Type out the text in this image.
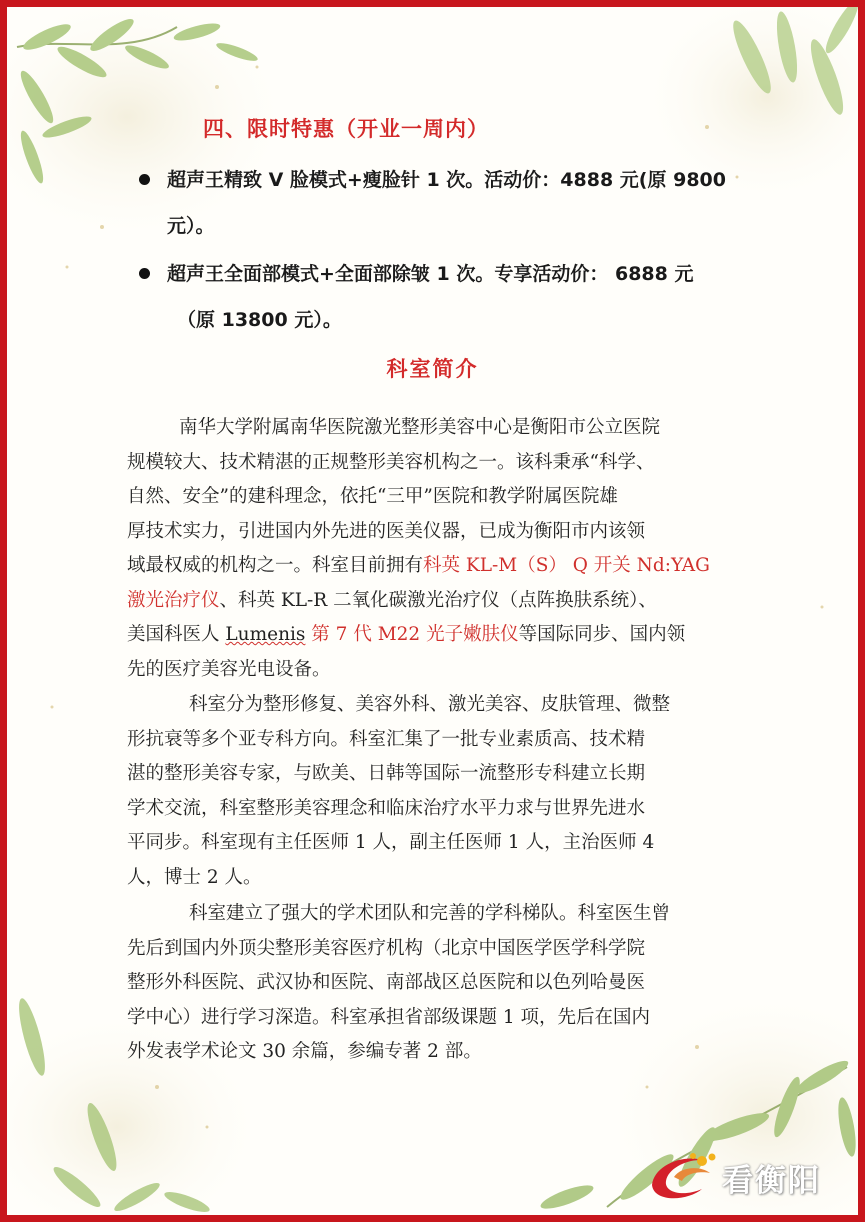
四、限时特惠（开业一周内）
超声王精致 V 脸模式+瘦脸针 1 次。活动价：4888 元(原 9800
元）。
超声王全面部模式+全面部除皱 1 次。专享活动价： 6888 元
（原 13800 元）。
科室简介

南华大学附属南华医院激光整形美容中心是衡阳市公立医院
规模较大、技术精湛的正规整形美容机构之一。该科秉承“科学、
自然、安全”的建科理念，依托“三甲”医院和教学附属医院雄
厚技术实力，引进国内外先进的医美仪器，已成为衡阳市内该领
域最权威的机构之一。科室目前拥有科英 KL-M（S） Q 开关 Nd:YAG
激光治疗仪、科英 KL-R 二氧化碳激光治疗仪（点阵换肤系统）、
美国科医人 Lumenis 第 7 代 M22 光子嫩肤仪等国际同步、国内领
先的医疗美容光电设备。

科室分为整形修复、美容外科、激光美容、皮肤管理、微整
形抗衰等多个亚专科方向。科室汇集了一批专业素质高、技术精
湛的整形美容专家，与欧美、日韩等国际一流整形专科建立长期
学术交流，科室整形美容理念和临床治疗水平力求与世界先进水
平同步。科室现有主任医师 1 人，副主任医师 1 人，主治医师 4
人，博士 2 人。

科室建立了强大的学术团队和完善的学科梯队。科室医生曾
先后到国内外顶尖整形美容医疗机构（北京中国医学医学科学院
整形外科医院、武汉协和医院、南部战区总医院和以色列哈曼医
学中心）进行学习深造。科室承担省部级课题 1 项，先后在国内
外发表学术论文 30 余篇，参编专著 2 部。

看衡阳
